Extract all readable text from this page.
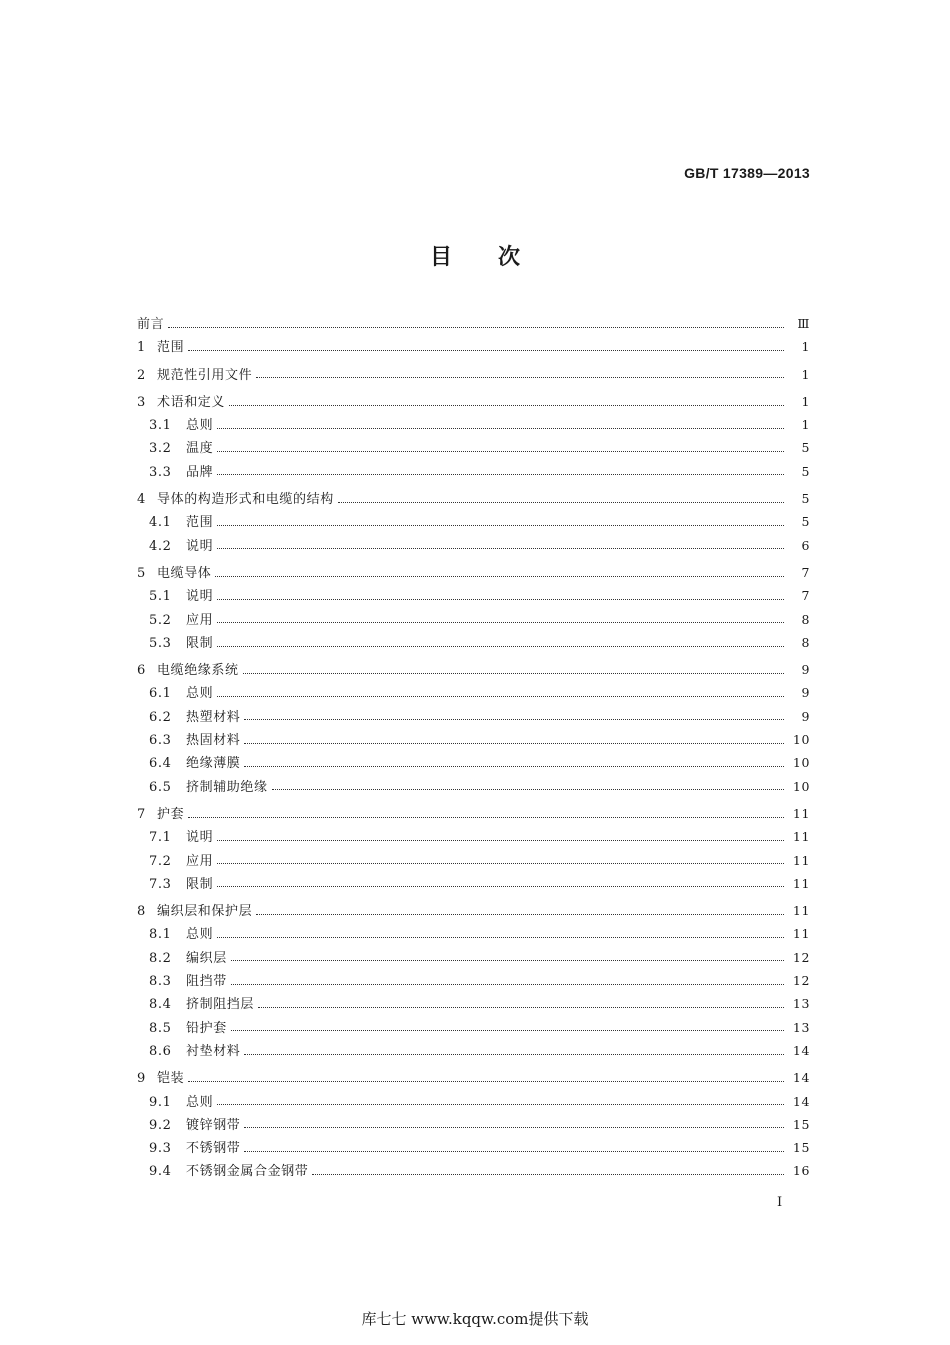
GB/T 17389—2013
目 次
前言	Ⅲ
1 范围	1
2 规范性引用文件	1
3 术语和定义	1
3.1	总则	1
3.2	温度	5
3.3	品牌	5
4 导体的构造形式和电缆的结构	5
4.1	范围	5
4.2	说明	6
5 电缆导体	7
5.1	说明	7
5.2	应用	8
5.3	限制	8
6 电缆绝缘系统	9
6.1	总则	9
6.2	热塑材料	9
6.3	热固材料	10
6.4	绝缘薄膜	10
6.5	挤制辅助绝缘	10
7 护套	11
7.1	说明	11
7.2	应用	11
7.3	限制	11
8 编织层和保护层	11
8.1	总则	11
8.2	编织层	12
8.3	阻挡带	12
8.4	挤制阻挡层	13
8.5	铅护套	13
8.6	衬垫材料	14
9 铠装	14
9.1	总则	14
9.2	镀锌钢带	15
9.3	不锈钢带	15
9.4	不锈钢金属合金钢带	16
I
库七七 www.kqqw.com提供下载
